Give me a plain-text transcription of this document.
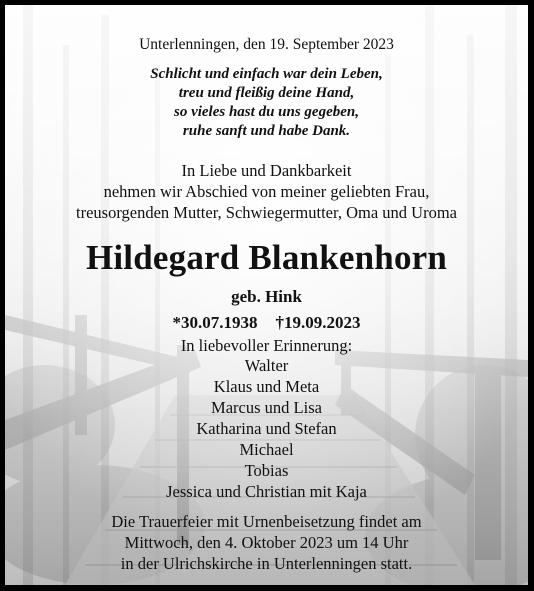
Unterlenningen, den 19. September 2023
Schlicht und einfach war dein Leben,
treu und fleißig deine Hand,
so vieles hast du uns gegeben,
ruhe sanft und habe Dank.
In Liebe und Dankbarkeit
nehmen wir Abschied von meiner geliebten Frau,
treusorgenden Mutter, Schwiegermutter, Oma und Uroma
Hildegard Blankenhorn
geb. Hink
*30.07.1938 †19.09.2023
In liebevoller Erinnerung:
Walter
Klaus und Meta
Marcus und Lisa
Katharina und Stefan
Michael
Tobias
Jessica und Christian mit Kaja
Die Trauerfeier mit Urnenbeisetzung findet am
Mittwoch, den 4. Oktober 2023 um 14 Uhr
in der Ulrichskirche in Unterlenningen statt.
